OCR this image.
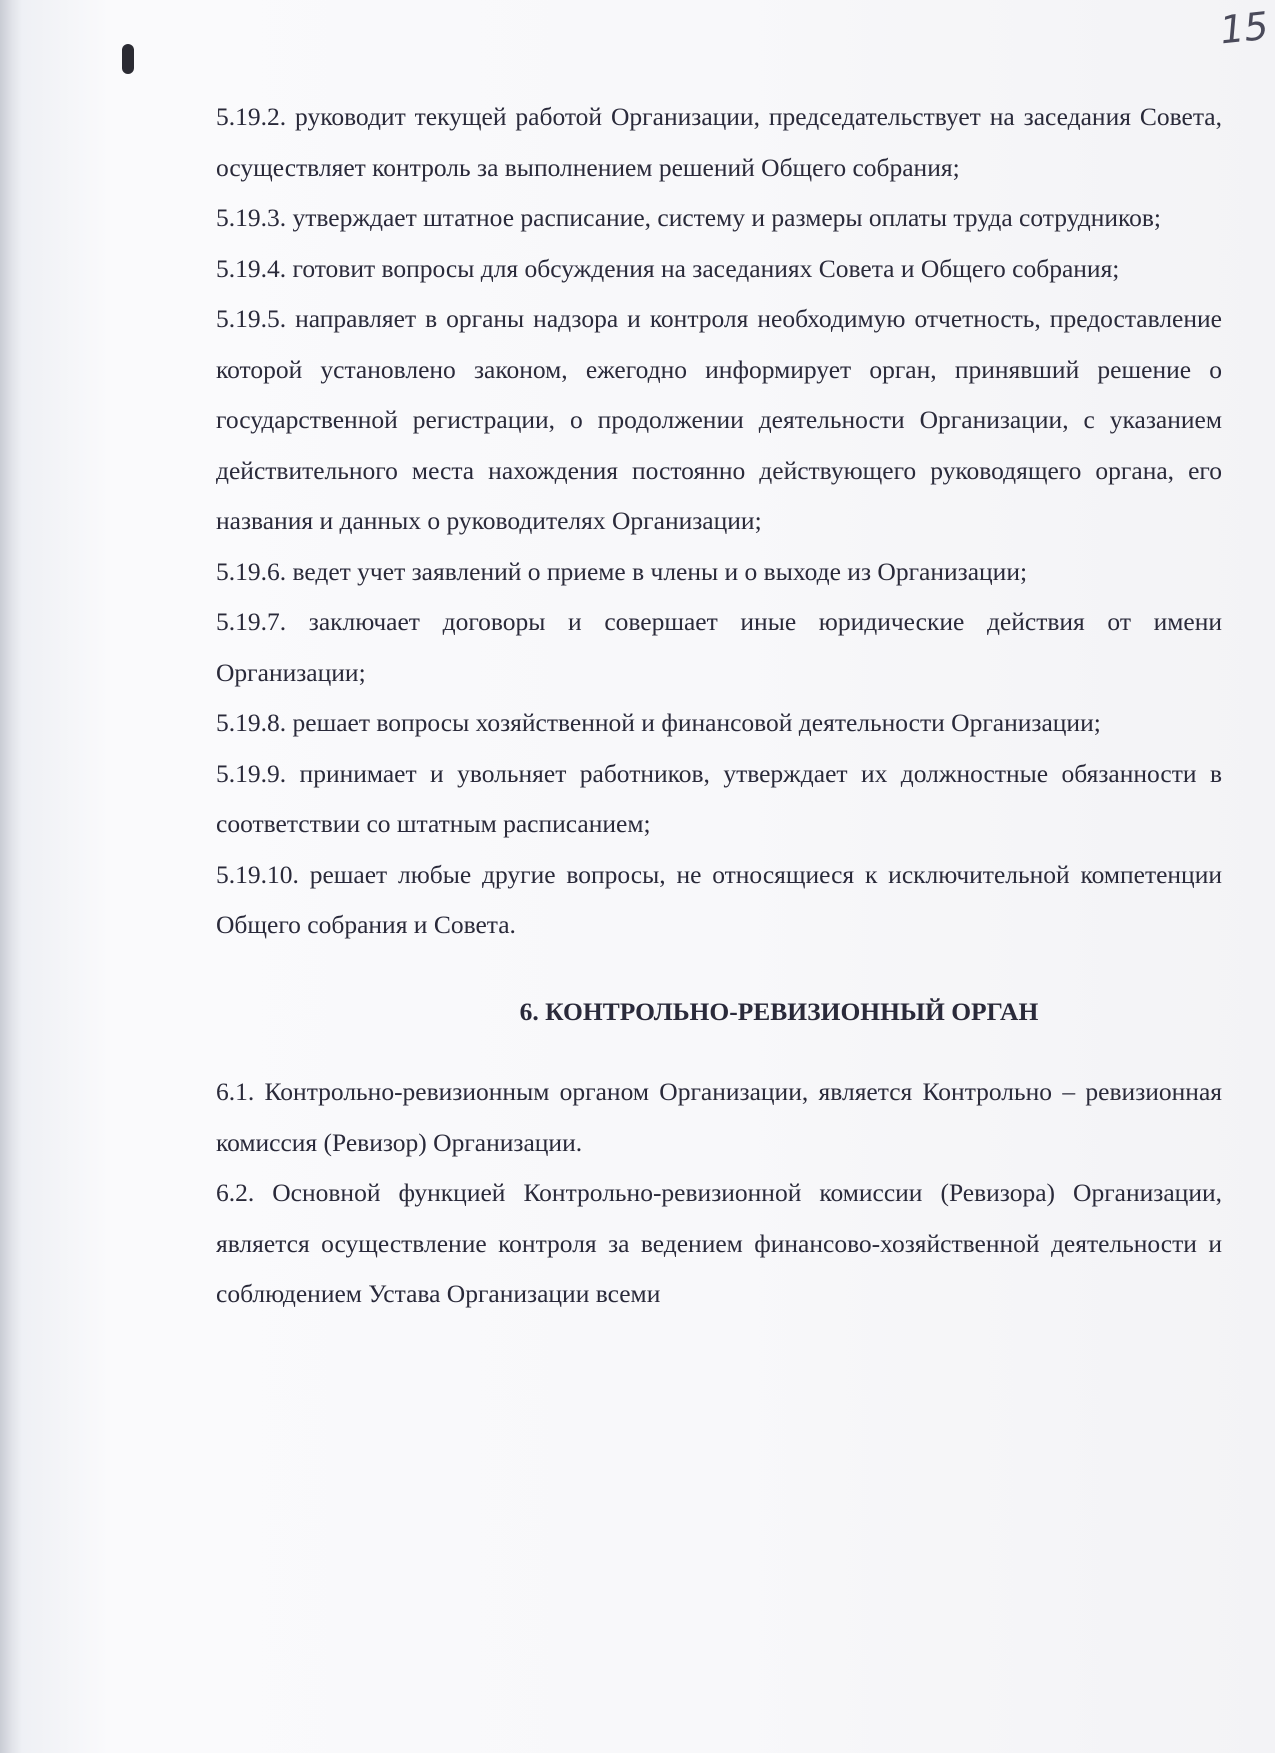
15

5.19.2. руководит текущей работой Организации, председательствует на заседания Совета, осуществляет контроль за выполнением решений Общего собрания;

5.19.3. утверждает штатное расписание, систему и размеры оплаты труда сотрудников;

5.19.4. готовит вопросы для обсуждения на заседаниях Совета и Общего собрания;

5.19.5. направляет в органы надзора и контроля необходимую отчетность, предоставление которой установлено законом, ежегодно информирует орган, принявший решение о государственной регистрации, о продолжении деятельности Организации, с указанием действительного места нахождения постоянно действующего руководящего органа, его названия и данных о руководителях Организации;

5.19.6. ведет учет заявлений о приеме в члены и о выходе из Организации;

5.19.7. заключает договоры и совершает иные юридические действия от имени Организации;

5.19.8. решает вопросы хозяйственной и финансовой деятельности Организации;

5.19.9. принимает и увольняет работников, утверждает их должностные обязанности в соответствии со штатным расписанием;

5.19.10. решает любые другие вопросы, не относящиеся к исключительной компетенции Общего собрания и Совета.

6. КОНТРОЛЬНО-РЕВИЗИОННЫЙ ОРГАН

6.1. Контрольно-ревизионным органом Организации, является Контрольно – ревизионная комиссия (Ревизор) Организации.

6.2. Основной функцией Контрольно-ревизионной комиссии (Ревизора) Организации, является осуществление контроля за ведением финансово-хозяйственной деятельности и соблюдением Устава Организации всеми
